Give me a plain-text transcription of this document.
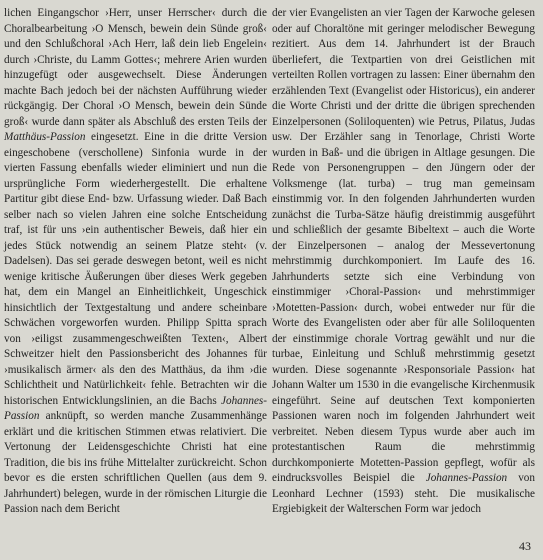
lichen Eingangschor ›Herr, unser Herrscher‹ durch die Choralbearbeitung ›O Mensch, bewein dein Sünde groß‹ und den Schlußchoral ›Ach Herr, laß dein lieb Engelein‹ durch ›Christe, du Lamm Gottes‹; mehrere Arien wurden hinzugefügt oder ausgewechselt. Diese Änderungen machte Bach jedoch bei der nächsten Aufführung wieder rückgängig. Der Choral ›O Mensch, bewein dein Sünde groß‹ wurde dann später als Abschluß des ersten Teils der Matthäus-Passion eingesetzt. Eine in die dritte Version eingeschobene (verschollene) Sinfonia wurde in der vierten Fassung ebenfalls wieder eliminiert und nun die ursprüngliche Form wiederhergestellt. Die erhaltene Partitur gibt diese End- bzw. Urfassung wieder. Daß Bach selber nach so vielen Jahren eine solche Entscheidung traf, ist für uns ›ein authentischer Beweis, daß hier ein jedes Stück notwendig an seinem Platze steht‹ (v. Dadelsen). Das sei gerade deswegen betont, weil es nicht wenige kritische Äußerungen über dieses Werk gegeben hat, dem ein Mangel an Einheitlichkeit, Ungeschick hinsichtlich der Textgestaltung und andere scheinbare Schwächen vorgeworfen wurden. Philipp Spitta sprach von ›eiligst zusammengeschweißten Texten‹, Albert Schweitzer hielt den Passionsbericht des Johannes für ›musikalisch ärmer‹ als den des Matthäus, da ihm ›die Schlichtheit und Natürlichkeit‹ fehle. Betrachten wir die historischen Entwicklungslinien, an die Bachs Johannes-Passion anknüpft, so werden manche Zusammenhänge erklärt und die kritischen Stimmen etwas relativiert. Die Vertonung der Leidensgeschichte Christi hat eine Tradition, die bis ins frühe Mittelalter zurückreicht. Schon bevor es die ersten schriftlichen Quellen (aus dem 9. Jahrhundert) belegen, wurde in der römischen Liturgie die Passion nach dem Bericht

der vier Evangelisten an vier Tagen der Karwoche gelesen oder auf Choraltöne mit geringer melodischer Bewegung rezitiert. Aus dem 14. Jahrhundert ist der Brauch überliefert, die Textpartien von drei Geistlichen mit verteilten Rollen vortragen zu lassen: Einer übernahm den erzählenden Text (Evangelist oder Historicus), ein anderer die Worte Christi und der dritte die übrigen sprechenden Einzelpersonen (Soliloquenten) wie Petrus, Pilatus, Judas usw. Der Erzähler sang in Tenorlage, Christi Worte wurden in Baß- und die übrigen in Altlage gesungen. Die Rede von Personengruppen – den Jüngern oder der Volksmenge (lat. turba) – trug man gemeinsam einstimmig vor. In den folgenden Jahrhunderten wurden zunächst die Turba-Sätze häufig dreistimmig ausgeführt und schließlich der gesamte Bibeltext – auch die Worte der Einzelpersonen – analog der Messevertonung mehrstimmig durchkomponiert. Im Laufe des 16. Jahrhunderts setzte sich eine Verbindung von einstimmiger ›Choral-Passion‹ und mehrstimmiger ›Motetten-Passion‹ durch, wobei entweder nur für die Worte des Evangelisten oder aber für alle Soliloquenten der einstimmige chorale Vortrag gewählt und nur die turbae, Einleitung und Schluß mehrstimmig gesetzt wurden. Diese sogenannte ›Responsoriale Passion‹ hat Johann Walter um 1530 in die evangelische Kirchenmusik eingeführt. Seine auf deutschen Text komponierten Passionen waren noch im folgenden Jahrhundert weit verbreitet. Neben diesem Typus wurde aber auch im protestantischen Raum die mehrstimmig durchkomponierte Motetten-Passion gepflegt, wofür als eindrucksvolles Beispiel die Johannes-Passion von Leonhard Lechner (1593) steht. Die musikalische Ergiebigkeit der Walterschen Form war jedoch

43
